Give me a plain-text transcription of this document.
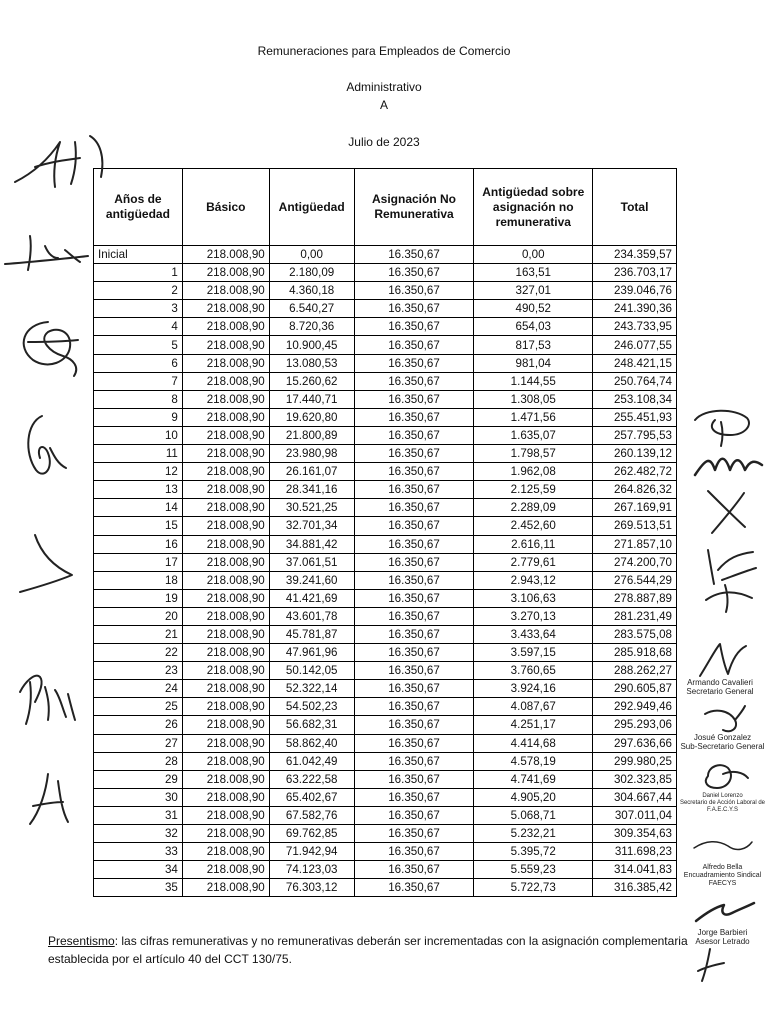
Remuneraciones para Empleados de Comercio
Administrativo
A
Julio de 2023
Años de antigüedad	Básico	Antigüedad	Asignación No Remunerativa	Antigüedad sobre asignación no remunerativa	Total
Inicial	218.008,90	0,00	16.350,67	0,00	234.359,57
1	218.008,90	2.180,09	16.350,67	163,51	236.703,17
2	218.008,90	4.360,18	16.350,67	327,01	239.046,76
3	218.008,90	6.540,27	16.350,67	490,52	241.390,36
4	218.008,90	8.720,36	16.350,67	654,03	243.733,95
5	218.008,90	10.900,45	16.350,67	817,53	246.077,55
6	218.008,90	13.080,53	16.350,67	981,04	248.421,15
7	218.008,90	15.260,62	16.350,67	1.144,55	250.764,74
8	218.008,90	17.440,71	16.350,67	1.308,05	253.108,34
9	218.008,90	19.620,80	16.350,67	1.471,56	255.451,93
10	218.008,90	21.800,89	16.350,67	1.635,07	257.795,53
11	218.008,90	23.980,98	16.350,67	1.798,57	260.139,12
12	218.008,90	26.161,07	16.350,67	1.962,08	262.482,72
13	218.008,90	28.341,16	16.350,67	2.125,59	264.826,32
14	218.008,90	30.521,25	16.350,67	2.289,09	267.169,91
15	218.008,90	32.701,34	16.350,67	2.452,60	269.513,51
16	218.008,90	34.881,42	16.350,67	2.616,11	271.857,10
17	218.008,90	37.061,51	16.350,67	2.779,61	274.200,70
18	218.008,90	39.241,60	16.350,67	2.943,12	276.544,29
19	218.008,90	41.421,69	16.350,67	3.106,63	278.887,89
20	218.008,90	43.601,78	16.350,67	3.270,13	281.231,49
21	218.008,90	45.781,87	16.350,67	3.433,64	283.575,08
22	218.008,90	47.961,96	16.350,67	3.597,15	285.918,68
23	218.008,90	50.142,05	16.350,67	3.760,65	288.262,27
24	218.008,90	52.322,14	16.350,67	3.924,16	290.605,87
25	218.008,90	54.502,23	16.350,67	4.087,67	292.949,46
26	218.008,90	56.682,31	16.350,67	4.251,17	295.293,06
27	218.008,90	58.862,40	16.350,67	4.414,68	297.636,66
28	218.008,90	61.042,49	16.350,67	4.578,19	299.980,25
29	218.008,90	63.222,58	16.350,67	4.741,69	302.323,85
30	218.008,90	65.402,67	16.350,67	4.905,20	304.667,44
31	218.008,90	67.582,76	16.350,67	5.068,71	307.011,04
32	218.008,90	69.762,85	16.350,67	5.232,21	309.354,63
33	218.008,90	71.942,94	16.350,67	5.395,72	311.698,23
34	218.008,90	74.123,03	16.350,67	5.559,23	314.041,83
35	218.008,90	76.303,12	16.350,67	5.722,73	316.385,42
Presentismo: las cifras remunerativas y no remunerativas deberán ser incrementadas con la asignación complementaria establecida por el artículo 40 del CCT 130/75.
Armando Cavalieri
Secretario General
Josué Gonzalez
Sub-Secretario General
Daniel Lorenzo
Secretario de Acción Laboral de F.A.E.C.Y.S
Alfredo Bella
Encuadramiento Sindical FAECYS
Jorge Barbieri
Asesor Letrado
